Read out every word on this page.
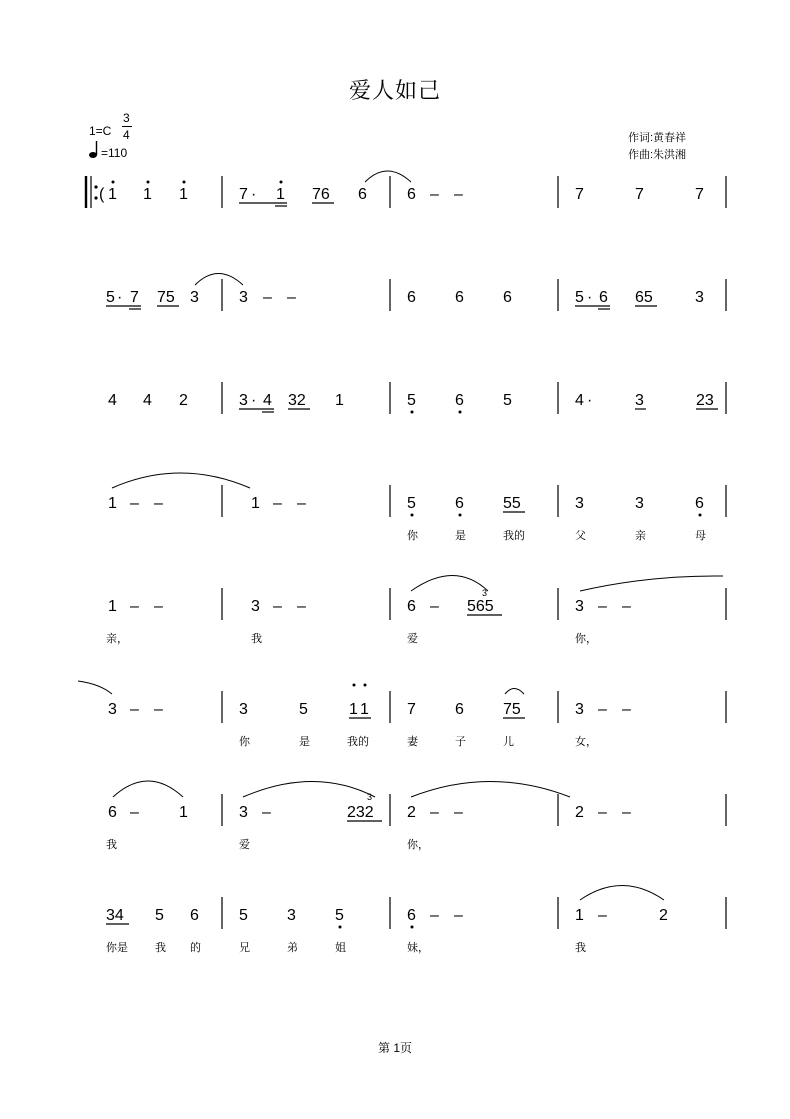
爱人如己
1=C
3
4
=110
作词:黄春祥
作曲:朱洪湘
( 1 1 1	7 · 1 76 6	6 – –	7	7	7
5 · 7 75 3	3 – –	6 6 6	5 · 6 65	3
4 4 2	3 · 4 32 1	5 6 5	4 ·	3	23
1 – –	1 – –	5 6 55	3	3	6
1 – –	3 – –	6 – 565	3 – –
3 – –	3	5	1 1 7 6 75	3 – –
6 –	1	3 –	232 2 – –	2 – –
34 5 6	5 3 5	6 – –	1 –	2
3
3
你	是	我的	父	亲	母
亲，	我	爱	你，
你	是	我的	妻	子	儿	女，
我	爱	你，
你是 我 的	兄	弟	姐	妹，	我
第 1页
